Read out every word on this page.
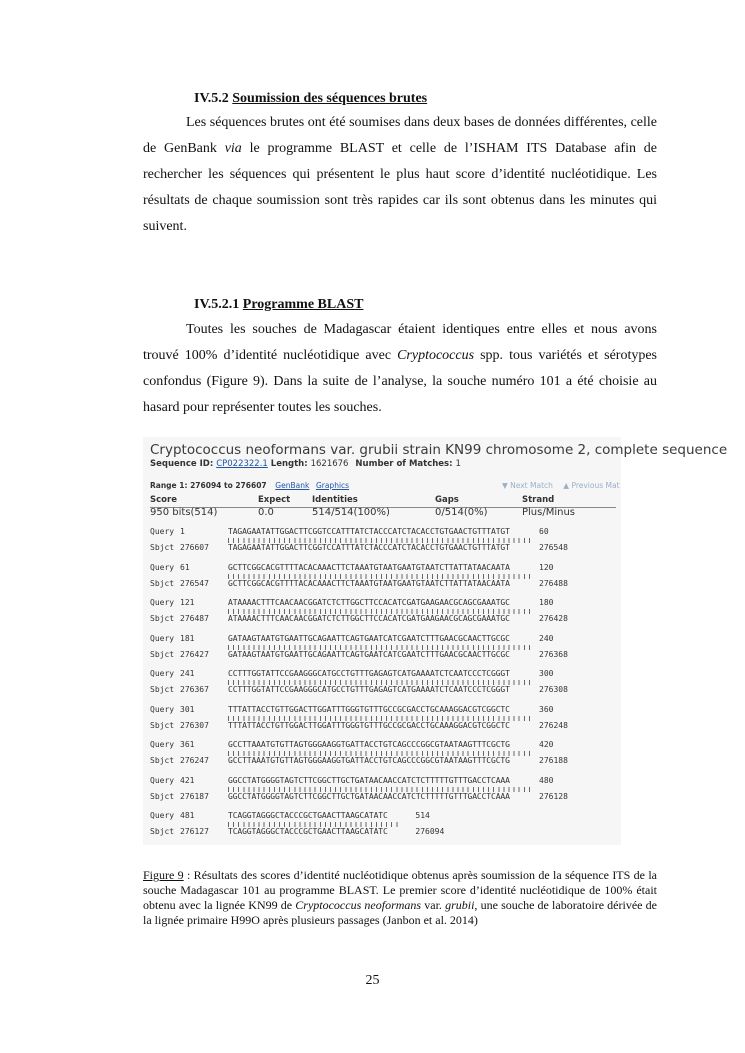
IV.5.2 Soumission des séquences brutes
Les séquences brutes ont été soumises dans deux bases de données différentes, celle de GenBank via le programme BLAST et celle de l’ISHAM ITS Database afin de rechercher les séquences qui présentent le plus haut score d’identité nucléotidique. Les résultats de chaque soumission sont très rapides car ils sont obtenus dans les minutes qui suivent.
IV.5.2.1 Programme BLAST
Toutes les souches de Madagascar étaient identiques entre elles et nous avons trouvé 100% d’identité nucléotidique avec Cryptococcus spp. tous variétés et sérotypes confondus (Figure 9). Dans la suite de l’analyse, la souche numéro 101 a été choisie au hasard pour représenter toutes les souches.
Cryptococcus neoformans var. grubii strain KN99 chromosome 2, complete sequence
Sequence ID: CP022322.1 Length: 1621676 Number of Matches: 1
Range 1: 276094 to 276607 GenBank Graphics	▼ Next Match ▲ Previous Mat
Score	Expect	Identities	Gaps	Strand
950 bits(514)	0.0	514/514(100%)	0/514(0%)	Plus/Minus
Query 1	TAGAGAATATTGGACTTCGGTCCATTTATCTACCCATCTACACCTGTGAACTGTTTATGT	60
Sbjct 276607 TAGAGAATATTGGACTTCGGTCCATTTATCTACCCATCTACACCTGTGAACTGTTTATGT	276548
Query 61	GCTTCGGCACGTTTTACACAAACTTCTAAATGTAATGAATGTAATCTTATTATAACAATA	120
Sbjct 276547 GCTTCGGCACGTTTTACACAAACTTCTAAATGTAATGAATGTAATCTTATTATAACAATA	276488
Query 121	ATAAAACTTTCAACAACGGATCTCTTGGCTTCCACATCGATGAAGAACGCAGCGAAATGC	180
Sbjct 276487 ATAAAACTTTCAACAACGGATCTCTTGGCTTCCACATCGATGAAGAACGCAGCGAAATGC	276428
Query 181	GATAAGTAATGTGAATTGCAGAATTCAGTGAATCATCGAATCTTTGAACGCAACTTGCGC	240
Sbjct 276427 GATAAGTAATGTGAATTGCAGAATTCAGTGAATCATCGAATCTTTGAACGCAACTTGCGC	276368
Query 241	CCTTTGGTATTCCGAAGGGCATGCCTGTTTGAGAGTCATGAAAATCTCAATCCCTCGGGT	300
Sbjct 276367 CCTTTGGTATTCCGAAGGGCATGCCTGTTTGAGAGTCATGAAAATCTCAATCCCTCGGGT	276308
Query 301	TTTATTACCTGTTGGACTTGGATTTGGGTGTTTGCCGCGACCTGCAAAGGACGTCGGCTC	360
Sbjct 276307 TTTATTACCTGTTGGACTTGGATTTGGGTGTTTGCCGCGACCTGCAAAGGACGTCGGCTC	276248
Query 361	GCCTTAAATGTGTTAGTGGGAAGGTGATTACCTGTCAGCCCGGCGTAATAAGTTTCGCTG	420
Sbjct 276247 GCCTTAAATGTGTTAGTGGGAAGGTGATTACCTGTCAGCCCGGCGTAATAAGTTTCGCTG	276188
Query 421	GGCCTATGGGGTAGTCTTCGGCTTGCTGATAACAACCATCTCTTTTTGTTTGACCTCAAA	480
Sbjct 276187 GGCCTATGGGGTAGTCTTCGGCTTGCTGATAACAACCATCTCTTTTTGTTTGACCTCAAA	276128
Query 481	TCAGGTAGGGCTACCCGCTGAACTTAAGCATATC	514
Sbjct 276127 TCAGGTAGGGCTACCCGCTGAACTTAAGCATATC	276094
Figure 9 : Résultats des scores d’identité nucléotidique obtenus après soumission de la séquence ITS de la souche Madagascar 101 au programme BLAST. Le premier score d’identité nucléotidique de 100% était obtenu avec la lignée KN99 de Cryptococcus neoformans var. grubii, une souche de laboratoire dérivée de la lignée primaire H99O après plusieurs passages (Janbon et al. 2014)
25
